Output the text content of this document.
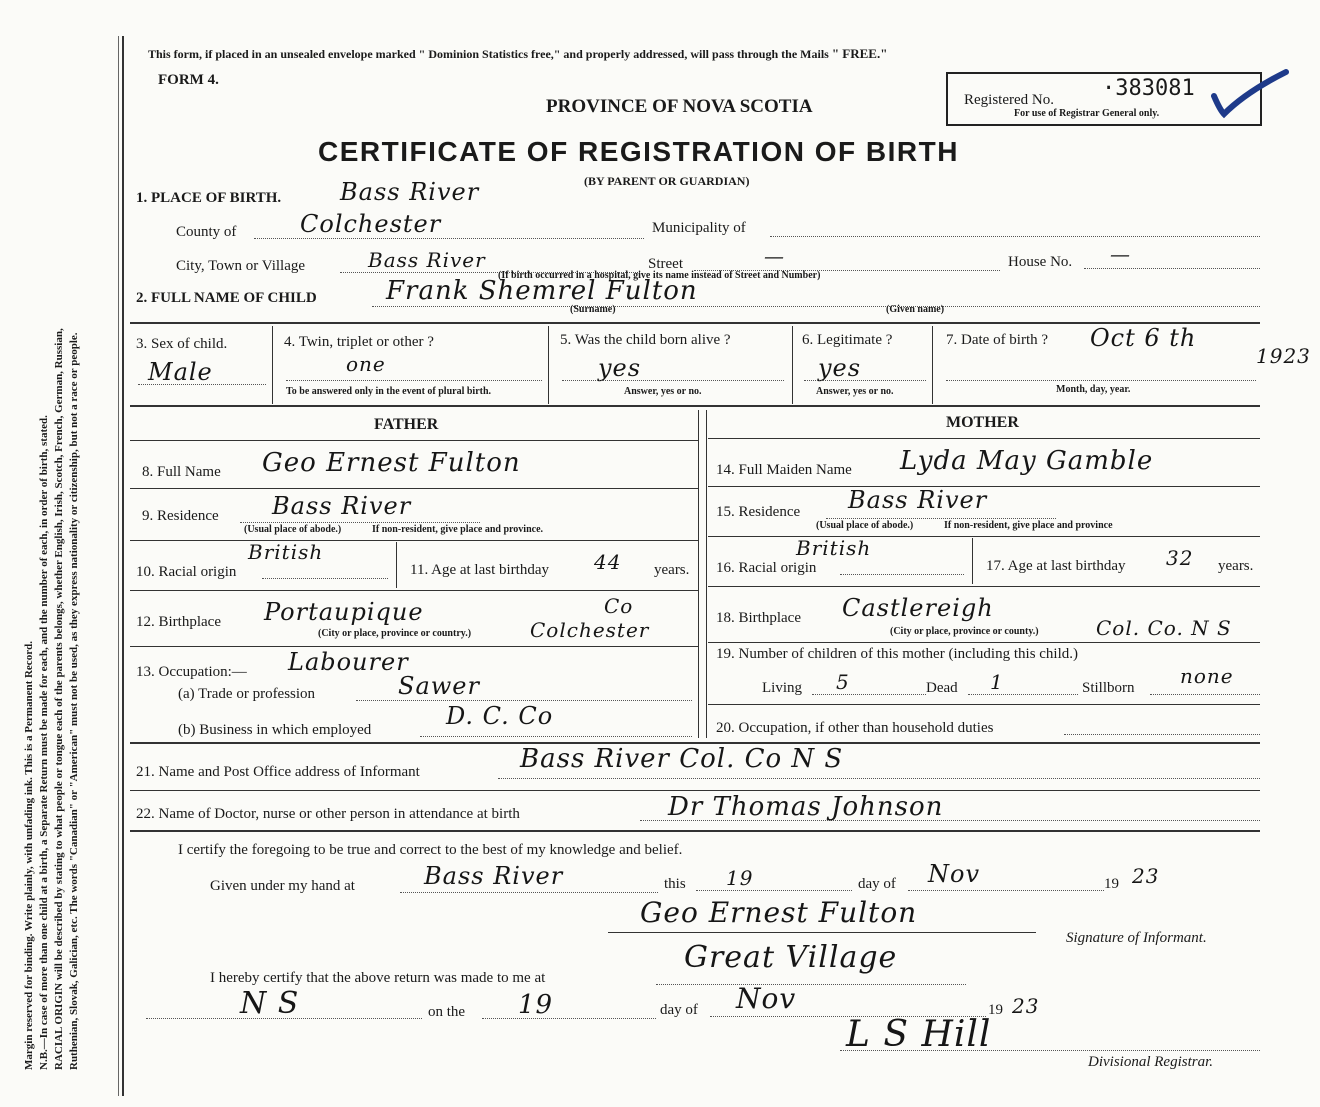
Margin reserved for binding. Write plainly, with unfading ink. This is a Permanent Record. N.B.—In case of more than one child at a birth, a Separate Return must be made for each, and the number of each, in order of birth, stated. RACIAL ORIGIN will be described by stating to what people or tongue each of the parents belongs, whether English, Irish, Scotch, French, German, Russian, Ruthenian, Slovak, Galician, etc. The words "Canadian" or "American" must not be used, as they express nationality or citizenship, but not a race or people.
This form, if placed in an unsealed envelope marked " Dominion Statistics free," and properly addressed, will pass through the Mails " FREE."
FORM 4.
PROVINCE OF NOVA SCOTIA
CERTIFICATE OF REGISTRATION OF BIRTH
(BY PARENT OR GUARDIAN)
Registered No. ·383081
For use of Registrar General only.
1. PLACE OF BIRTH. Bass River
County of	Colchester	Municipality of
City, Town or Village	Bass River	Street	—	House No. —
(If birth occurred in a hospital, give its name instead of Street and Number)
2. FULL NAME OF CHILD	Frank Shemrel Fulton
(Surname)	(Given name)
3. Sex of child.
Male
4. Twin, triplet or other ?
one
To be answered only in the event of plural birth.
5. Was the child born alive ?
yes
Answer, yes or no.
6. Legitimate ?
yes
Answer, yes or no.
7. Date of birth ? Oct 6 th
1923
Month, day, year.
FATHER	MOTHER
8. Full Name Geo Ernest Fulton
9. Residence Bass River
(Usual place of abode.)	If non-resident, give place and province.
10. Racial origin
British
11. Age at last birthday 44 years.
12. Birthplace Portaupique	Co
Colchester
(City or place, province or country.)
13. Occupation:— Labourer
(a) Trade or profession	Sawer
(b) Business in which employed	D. C. Co
14. Full Maiden Name Lyda May Gamble
15. Residence Bass River
(Usual place of abode.)	If non-resident, give place and province
16. Racial origin
British
17. Age at last birthday 32 years.
18. Birthplace Castlereigh
(City or place, province or county.)	Col. Co. N S
19. Number of children of this mother (including this child.)
Living 5	Dead 1	Stillborn none
20. Occupation, if other than household duties
21. Name and Post Office address of Informant	Bass River Col. Co N S
22. Name of Doctor, nurse or other person in attendance at birth	Dr Thomas Johnson
I certify the foregoing to be true and correct to the best of my knowledge and belief.
Given under my hand at	Bass River	this 19	day of Nov	19 23
Geo Ernest Fulton
Signature of Informant.
I hereby certify that the above return was made to me at
Great Village
N S	on the 19	day of Nov	19 23
L S Hill
Divisional Registrar.
